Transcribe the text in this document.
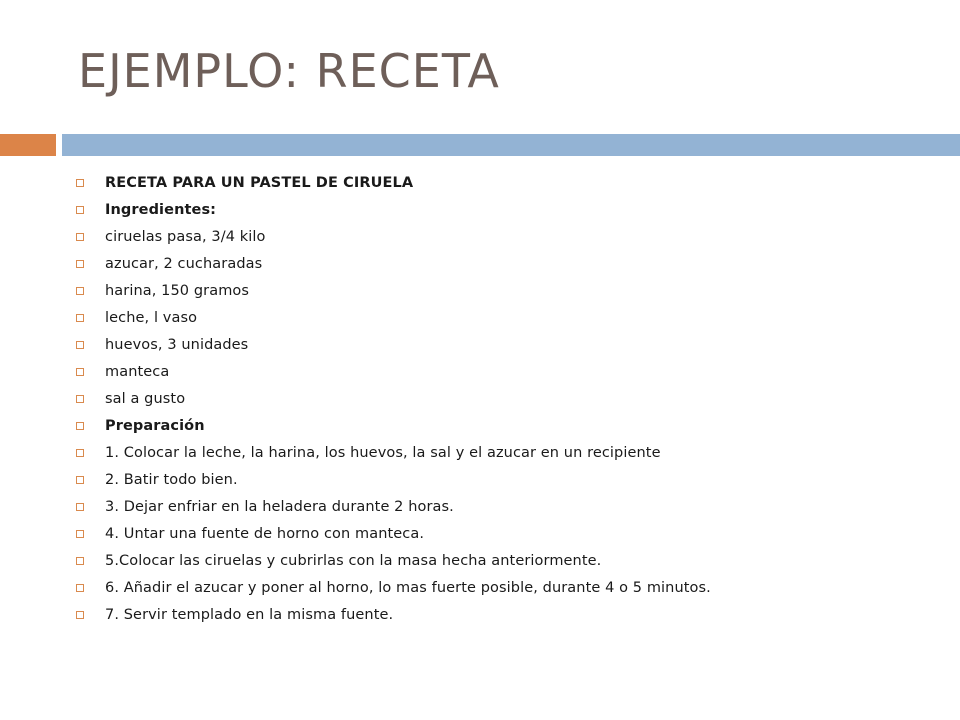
EJEMPLO: RECETA
RECETA PARA UN PASTEL DE CIRUELA
Ingredientes:
ciruelas pasa, 3/4 kilo
azucar, 2 cucharadas
harina, 150 gramos
leche, l vaso
huevos, 3 unidades
manteca
sal a gusto
Preparación
1. Colocar la leche, la harina, los huevos, la sal y el azucar en un recipiente
2. Batir todo bien.
3. Dejar enfriar en la heladera durante 2 horas.
4. Untar una fuente de horno con manteca.
5.Colocar las ciruelas y cubrirlas con la masa hecha anteriormente.
6. Añadir el azucar y poner al horno, lo mas fuerte posible, durante 4 o 5 minutos.
7. Servir templado en la misma fuente.
